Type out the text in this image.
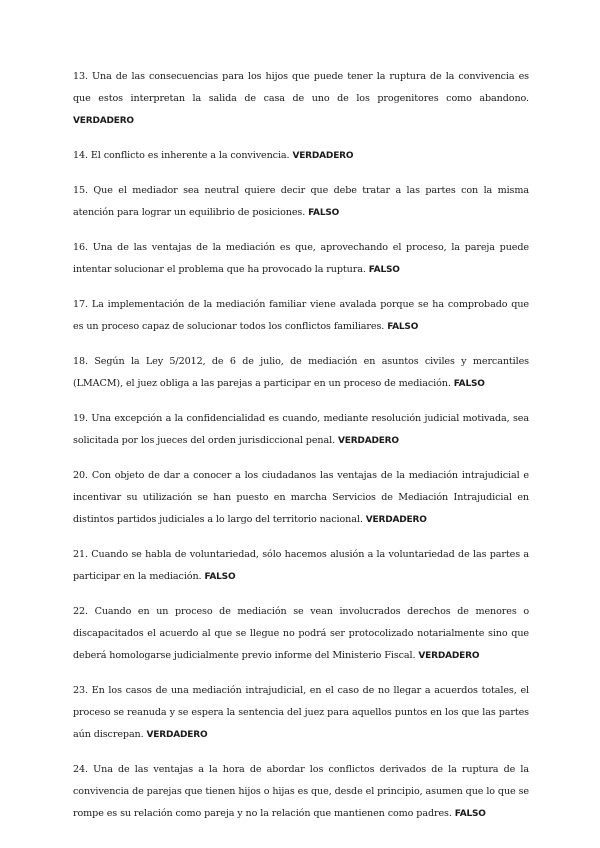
13. Una de las consecuencias para los hijos que puede tener la ruptura de la convivencia es que estos interpretan la salida de casa de uno de los progenitores como abandono. VERDADERO

14. El conflicto es inherente a la convivencia. VERDADERO

15. Que el mediador sea neutral quiere decir que debe tratar a las partes con la misma atención para lograr un equilibrio de posiciones. FALSO

16. Una de las ventajas de la mediación es que, aprovechando el proceso, la pareja puede intentar solucionar el problema que ha provocado la ruptura. FALSO

17. La implementación de la mediación familiar viene avalada porque se ha comprobado que es un proceso capaz de solucionar todos los conflictos familiares. FALSO

18. Según la Ley 5/2012, de 6 de julio, de mediación en asuntos civiles y mercantiles (LMACM), el juez obliga a las parejas a participar en un proceso de mediación. FALSO

19. Una excepción a la confidencialidad es cuando, mediante resolución judicial motivada, sea solicitada por los jueces del orden jurisdiccional penal. VERDADERO

20. Con objeto de dar a conocer a los ciudadanos las ventajas de la mediación intrajudicial e incentivar su utilización se han puesto en marcha Servicios de Mediación Intrajudicial en distintos partidos judiciales a lo largo del territorio nacional. VERDADERO

21. Cuando se habla de voluntariedad, sólo hacemos alusión a la voluntariedad de las partes a participar en la mediación. FALSO

22. Cuando en un proceso de mediación se vean involucrados derechos de menores o discapacitados el acuerdo al que se llegue no podrá ser protocolizado notarialmente sino que deberá homologarse judicialmente previo informe del Ministerio Fiscal. VERDADERO

23. En los casos de una mediación intrajudicial, en el caso de no llegar a acuerdos totales, el proceso se reanuda y se espera la sentencia del juez para aquellos puntos en los que las partes aún discrepan. VERDADERO

24. Una de las ventajas a la hora de abordar los conflictos derivados de la ruptura de la convivencia de parejas que tienen hijos o hijas es que, desde el principio, asumen que lo que se rompe es su relación como pareja y no la relación que mantienen como padres. FALSO
